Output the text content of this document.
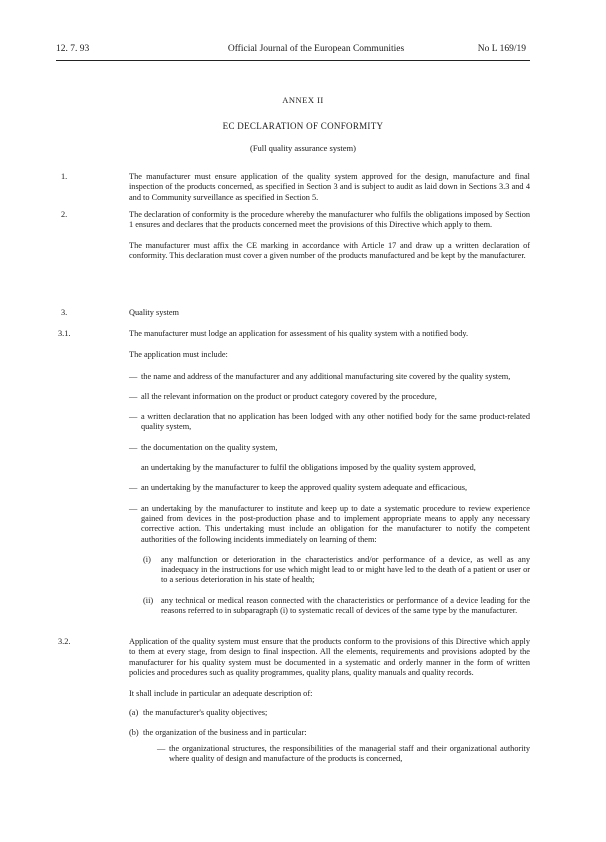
12. 7. 93	Official Journal of the European Communities	No L 169/19
ANNEX II
EC DECLARATION OF CONFORMITY
(Full quality assurance system)
1.	The manufacturer must ensure application of the quality system approved for the design, manufacture and final inspection of the products concerned, as specified in Section 3 and is subject to audit as laid down in Sections 3.3 and 4 and to Community surveillance as specified in Section 5.

2.	The declaration of conformity is the procedure whereby the manufacturer who fulfils the obligations imposed by Section 1 ensures and declares that the products concerned meet the provisions of this Directive which apply to them.

The manufacturer must affix the CE marking in accordance with Article 17 and draw up a written declaration of conformity. This declaration must cover a given number of the products manufactured and be kept by the manufacturer.

3.	Quality system

3.1.	The manufacturer must lodge an application for assessment of his quality system with a notified body.

The application must include:

— the name and address of the manufacturer and any additional manufacturing site covered by the quality system,

— all the relevant information on the product or product category covered by the procedure,

— a written declaration that no application has been lodged with any other notified body for the same product-related quality system,

— the documentation on the quality system,

an undertaking by the manufacturer to fulfil the obligations imposed by the quality system approved,

— an undertaking by the manufacturer to keep the approved quality system adequate and efficacious,

— an undertaking by the manufacturer to institute and keep up to date a systematic procedure to review experience gained from devices in the post-production phase and to implement appropriate means to apply any necessary corrective action. This undertaking must include an obligation for the manufacturer to notify the competent authorities of the following incidents immediately on learning of them:

(i) any malfunction or deterioration in the characteristics and/or performance of a device, as well as any inadequacy in the instructions for use which might lead to or might have led to the death of a patient or user or to a serious deterioration in his state of health;

(ii) any technical or medical reason connected with the characteristics or performance of a device leading for the reasons referred to in subparagraph (i) to systematic recall of devices of the same type by the manufacturer.

3.2.	Application of the quality system must ensure that the products conform to the provisions of this Directive which apply to them at every stage, from design to final inspection. All the elements, requirements and provisions adopted by the manufacturer for his quality system must be documented in a systematic and orderly manner in the form of written policies and procedures such as quality programmes, quality plans, quality manuals and quality records.

It shall include in particular an adequate description of:

(a) the manufacturer's quality objectives;

(b) the organization of the business and in particular:

— the organizational structures, the responsibilities of the managerial staff and their organizational authority where quality of design and manufacture of the products is concerned,
